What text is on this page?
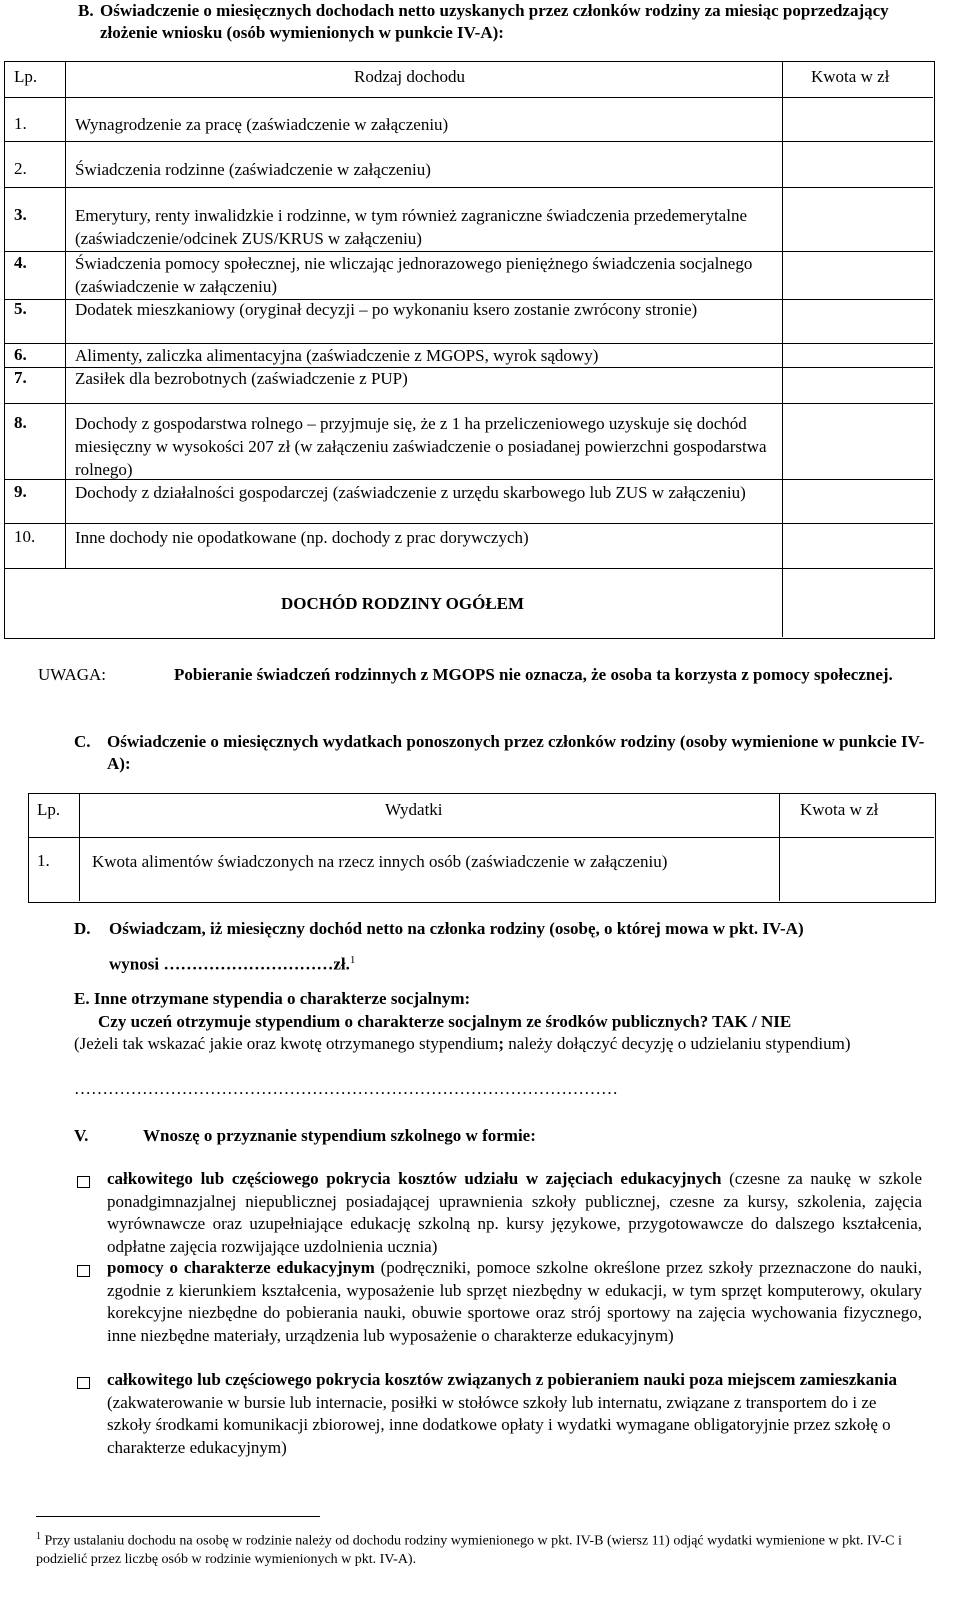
B. Oświadczenie o miesięcznych dochodach netto uzyskanych przez członków rodziny za miesiąc poprzedzający złożenie wniosku (osób wymienionych w punkcie IV-A):
Lp.	Rodzaj dochodu	Kwota w zł
1.	Wynagrodzenie za pracę (zaświadczenie w załączeniu)
2.	Świadczenia rodzinne (zaświadczenie w załączeniu)
3.	Emerytury, renty inwalidzkie i rodzinne, w tym również zagraniczne świadczenia przedemerytalne (zaświadczenie/odcinek ZUS/KRUS w załączeniu)
4.	Świadczenia pomocy społecznej, nie wliczając jednorazowego pieniężnego świadczenia socjalnego (zaświadczenie w załączeniu)
5.	Dodatek mieszkaniowy (oryginał decyzji – po wykonaniu ksero zostanie zwrócony stronie)
6.	Alimenty, zaliczka alimentacyjna (zaświadczenie z MGOPS, wyrok sądowy)
7.	Zasiłek dla bezrobotnych (zaświadczenie z PUP)
8.	Dochody z gospodarstwa rolnego – przyjmuje się, że z 1 ha przeliczeniowego uzyskuje się dochód miesięczny w wysokości 207 zł (w załączeniu zaświadczenie o posiadanej powierzchni gospodarstwa rolnego)
9.	Dochody z działalności gospodarczej (zaświadczenie z urzędu skarbowego lub ZUS w załączeniu)
10. Inne dochody nie opodatkowane (np. dochody z prac dorywczych)
DOCHÓD RODZINY OGÓŁEM
UWAGA:	Pobieranie świadczeń rodzinnych z MGOPS nie oznacza, że osoba ta korzysta z pomocy społecznej.
C. Oświadczenie o miesięcznych wydatkach ponoszonych przez członków rodziny (osoby wymienione w punkcie IV-A):
Lp.	Wydatki	Kwota w zł
1. Kwota alimentów świadczonych na rzecz innych osób (zaświadczenie w załączeniu)
D. Oświadczam, iż miesięczny dochód netto na członka rodziny (osobę, o której mowa w pkt. IV-A)
wynosi …………………………zł.$^1$
E. Inne otrzymane stypendia o charakterze socjalnym:
Czy uczeń otrzymuje stypendium o charakterze socjalnym ze środków publicznych? TAK / NIE
(Jeżeli tak wskazać jakie oraz kwotę otrzymanego stypendium; należy dołączyć decyzję o udzielaniu stypendium)
……………………………………………………………………………………
V.	Wnoszę o przyznanie stypendium szkolnego w formie:
całkowitego lub częściowego pokrycia kosztów udziału w zajęciach edukacyjnych (czesne za naukę w szkole ponadgimnazjalnej niepublicznej posiadającej uprawnienia szkoły publicznej, czesne za kursy, szkolenia, zajęcia wyrównawcze oraz uzupełniające edukację szkolną np. kursy językowe, przygotowawcze do dalszego kształcenia, odpłatne zajęcia rozwijające uzdolnienia ucznia)
pomocy o charakterze edukacyjnym (podręczniki, pomoce szkolne określone przez szkoły przeznaczone do nauki, zgodnie z kierunkiem kształcenia, wyposażenie lub sprzęt niezbędny w edukacji, w tym sprzęt komputerowy, okulary korekcyjne niezbędne do pobierania nauki, obuwie sportowe oraz strój sportowy na zajęcia wychowania fizycznego, inne niezbędne materiały, urządzenia lub wyposażenie o charakterze edukacyjnym)
całkowitego lub częściowego pokrycia kosztów związanych z pobieraniem nauki poza miejscem zamieszkania (zakwaterowanie w bursie lub internacie, posiłki w stołówce szkoły lub internatu, związane z transportem do i ze szkoły środkami komunikacji zbiorowej, inne dodatkowe opłaty i wydatki wymagane obligatoryjnie przez szkołę o charakterze edukacyjnym)
$^1$ Przy ustalaniu dochodu na osobę w rodzinie należy od dochodu rodziny wymienionego w pkt. IV-B (wiersz 11) odjąć wydatki wymienione w pkt. IV-C i podzielić przez liczbę osób w rodzinie wymienionych w pkt. IV-A).
